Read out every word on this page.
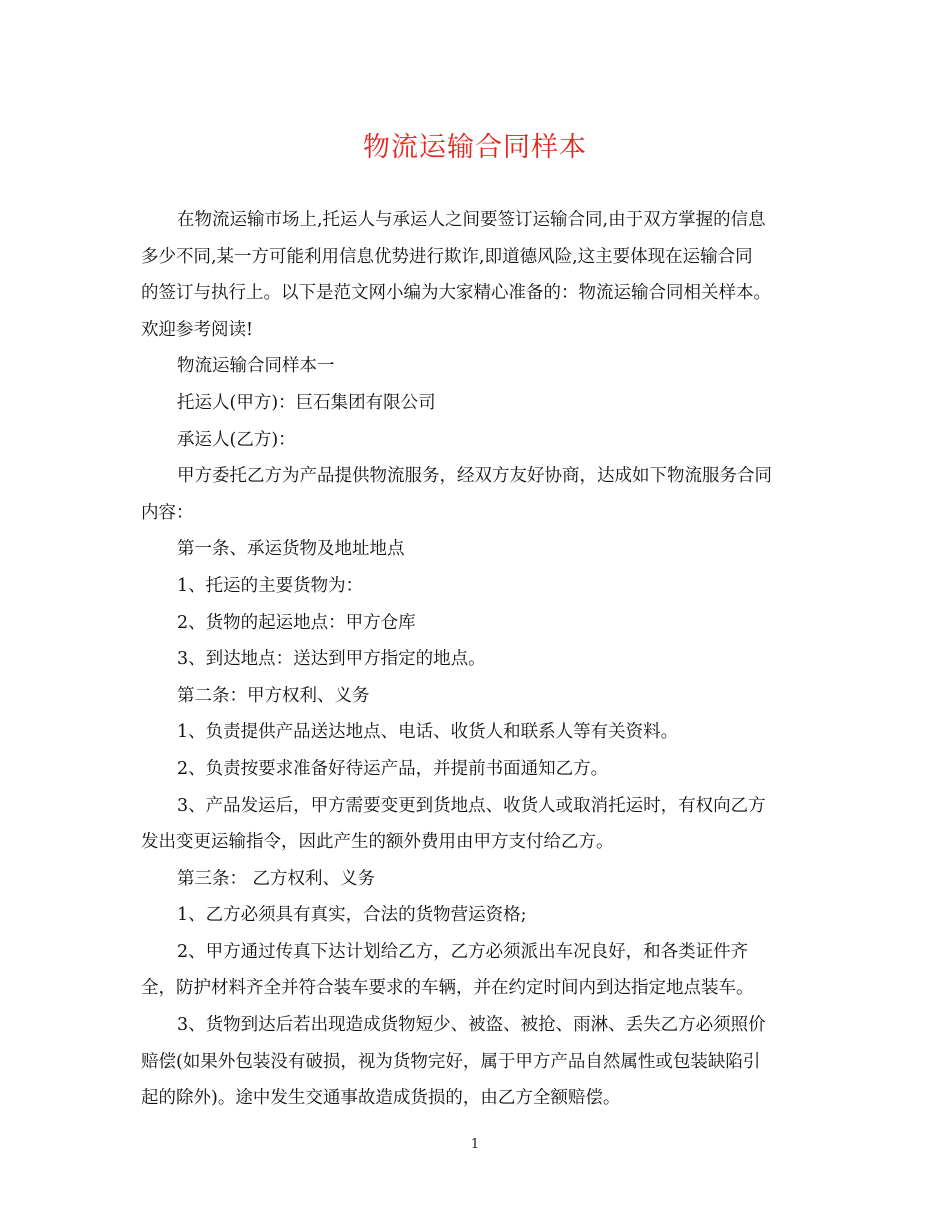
物流运输合同样本
在物流运输市场上,托运人与承运人之间要签订运输合同,由于双方掌握的信息
多少不同,某一方可能利用信息优势进行欺诈,即道德风险,这主要体现在运输合同
的签订与执行上。以下是范文网小编为大家精心准备的：物流运输合同相关样本。
欢迎参考阅读!
物流运输合同样本一
托运人(甲方)：巨石集团有限公司
承运人(乙方)：
甲方委托乙方为产品提供物流服务，经双方友好协商，达成如下物流服务合同
内容：
第一条、承运货物及地址地点
1、托运的主要货物为：
2、货物的起运地点：甲方仓库
3、到达地点：送达到甲方指定的地点。
第二条：甲方权利、义务
1、负责提供产品送达地点、电话、收货人和联系人等有关资料。
2、负责按要求准备好待运产品，并提前书面通知乙方。
3、产品发运后，甲方需要变更到货地点、收货人或取消托运时，有权向乙方
发出变更运输指令，因此产生的额外费用由甲方支付给乙方。
第三条： 乙方权利、义务
1、乙方必须具有真实，合法的货物营运资格;
2、甲方通过传真下达计划给乙方，乙方必须派出车况良好，和各类证件齐
全，防护材料齐全并符合装车要求的车辆，并在约定时间内到达指定地点装车。
3、货物到达后若出现造成货物短少、被盗、被抢、雨淋、丢失乙方必须照价
赔偿(如果外包装没有破损，视为货物完好，属于甲方产品自然属性或包装缺陷引
起的除外)。途中发生交通事故造成货损的，由乙方全额赔偿。
1
